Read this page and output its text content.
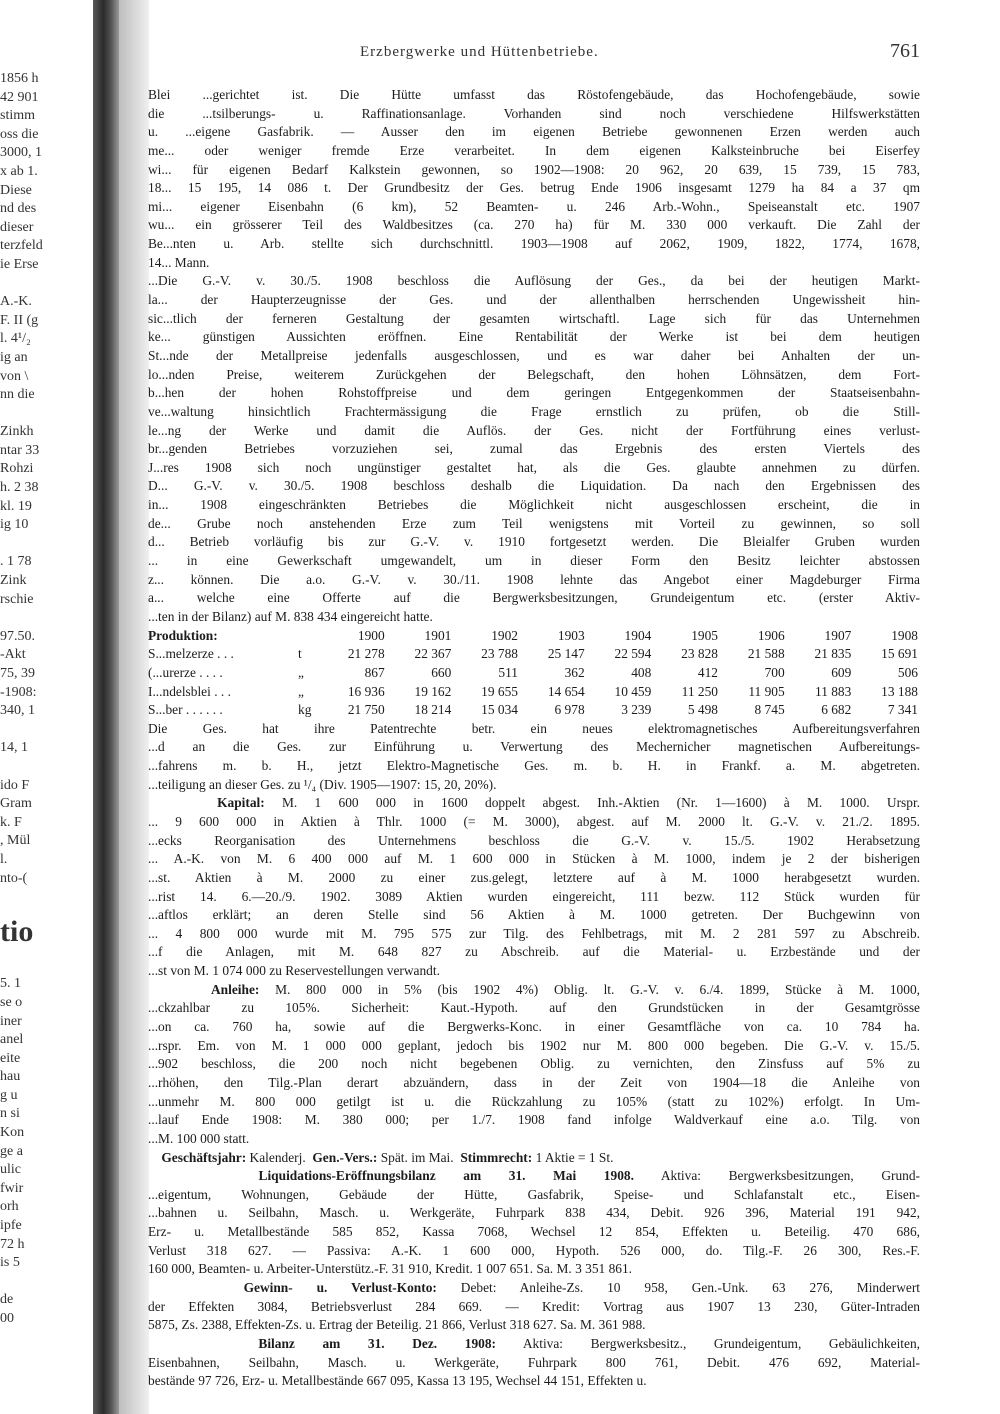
1856 h
42 901
stimm
oss die
3000, 1
x ab 1.
Diese
nd des
dieser
terzfeld
ie Erse
A.-K.
F. II (g
l. 4¹/₂
ig an
von \
nn die
Zinkh
ntar 33
Rohzi
h. 2 38
kl. 19
ig 10
. 1 78
Zink
rschie
97.50.
-Akt
75, 39
-1908:
340, 1
14, 1
ido F
Gram
k. F
, Mül
l.
nto-(
tio
5. 1
se o
iner
anel
eite
hau
g u
n si
Kon
ge a
ulic
fwir
orh
ipfe
72 h
is 5
de
00
Erzbergwerke und Hüttenbetriebe.	761
Blei ...gerichtet ist. Die Hütte umfasst das Röstofengebäude, das Hochofengebäude, sowie
die ...tsilberungs- u. Raffinationsanlage. Vorhanden sind noch verschiedene Hilfswerkstätten
u. ...eigene Gasfabrik. — Ausser den im eigenen Betriebe gewonnenen Erzen werden auch
me... oder weniger fremde Erze verarbeitet. In dem eigenen Kalksteinbruche bei Eiserfey
wi... für eigenen Bedarf Kalkstein gewonnen, so 1902—1908: 20 962, 20 639, 15 739, 15 783,
18... 15 195, 14 086 t. Der Grundbesitz der Ges. betrug Ende 1906 insgesamt 1279 ha 84 a 37 qm
mi... eigener Eisenbahn (6 km), 52 Beamten- u. 246 Arb.-Wohn., Speiseanstalt etc. 1907
wu... ein grösserer Teil des Waldbesitzes (ca. 270 ha) für M. 330 000 verkauft. Die Zahl der
Be...nten u. Arb. stellte sich durchschnittl. 1903—1908 auf 2062, 1909, 1822, 1774, 1678,
14... Mann.
...Die G.-V. v. 30./5. 1908 beschloss die Auflösung der Ges., da bei der heutigen Markt-
la... der Haupterzeugnisse der Ges. und der allenthalben herrschenden Ungewissheit hin-
sic...tlich der ferneren Gestaltung der gesamten wirtschaftl. Lage sich für das Unternehmen
ke... günstigen Aussichten eröffnen. Eine Rentabilität der Werke ist bei dem heutigen
St...nde der Metallpreise jedenfalls ausgeschlossen, und es war daher bei Anhalten der un-
lo...nden Preise, weiterem Zurückgehen der Belegschaft, den hohen Löhnsätzen, dem Fort-
b...hen der hohen Rohstoffpreise und dem geringen Entgegenkommen der Staatseisenbahn-
ve...waltung hinsichtlich Frachtermässigung die Frage ernstlich zu prüfen, ob die Still-
le...ng der Werke und damit die Auflös. der Ges. nicht der Fortführung eines verlust-
br...genden Betriebes vorzuziehen sei, zumal das Ergebnis des ersten Viertels des
J...res 1908 sich noch ungünstiger gestaltet hat, als die Ges. glaubte annehmen zu dürfen.
D... G.-V. v. 30./5. 1908 beschloss deshalb die Liquidation. Da nach den Ergebnissen des
in... 1908 eingeschränkten Betriebes die Möglichkeit nicht ausgeschlossen erscheint, die in
de... Grube noch anstehenden Erze zum Teil wenigstens mit Vorteil zu gewinnen, so soll
d... Betrieb vorläufig bis zur G.-V. v. 1910 fortgesetzt werden. Die Bleialfer Gruben wurden
... in eine Gewerkschaft umgewandelt, um in dieser Form den Besitz leichter abstossen
z... können. Die a.o. G.-V. v. 30./11. 1908 lehnte das Angebot einer Magdeburger Firma
a... welche eine Offerte auf die Bergwerksbesitzungen, Grundeigentum etc. (erster Aktiv-
...ten in der Bilanz) auf M. 838 434 eingereicht hatte.
Produktion:	1900	1901	1902	1903	1904	1905	1906	1907	1908
S...melzerze . . .	t	21 278	22 367	23 788	25 147	22 594	23 828	21 588	21 835	15 691
(...urerze . . . .	„	867	660	511	362	408	412	700	609	506
I...ndelsblei . . .	„	16 936	19 162	19 655	14 654	10 459	11 250	11 905	11 883	13 188
S...ber . . . . . .	kg	21 750	18 214	15 034	6 978	3 239	5 498	8 745	6 682	7 341
Die Ges. hat ihre Patentrechte betr. ein neues elektromagnetisches Aufbereitungsverfahren
...d an die Ges. zur Einführung u. Verwertung des Mechernicher magnetischen Aufbereitungs-
...fahrens m. b. H., jetzt Elektro-Magnetische Ges. m. b. H. in Frankf. a. M. abgetreten.
...teiligung an dieser Ges. zu ¹/₄ (Div. 1905—1907: 15, 20, 20%).
Kapital: M. 1 600 000 in 1600 doppelt abgest. Inh.-Aktien (Nr. 1—1600) à M. 1000. Urspr.
... 9 600 000 in Aktien à Thlr. 1000 (= M. 3000), abgest. auf M. 2000 lt. G.-V. v. 21./2. 1895.
...ecks Reorganisation des Unternehmens beschloss die G.-V. v. 15./5. 1902 Herabsetzung
... A.-K. von M. 6 400 000 auf M. 1 600 000 in Stücken à M. 1000, indem je 2 der bisherigen
...st. Aktien à M. 2000 zu einer zus.gelegt, letztere auf à M. 1000 herabgesetzt wurden.
...rist 14. 6.—20./9. 1902. 3089 Aktien wurden eingereicht, 111 bezw. 112 Stück wurden für
...aftlos erklärt; an deren Stelle sind 56 Aktien à M. 1000 getreten. Der Buchgewinn von
... 4 800 000 wurde mit M. 795 575 zur Tilg. des Fehlbetrags, mit M. 2 281 597 zu Abschreib.
...f die Anlagen, mit M. 648 827 zu Abschreib. auf die Material- u. Erzbestände und der
...st von M. 1 074 000 zu Reservestellungen verwandt.
Anleihe: M. 800 000 in 5% (bis 1902 4%) Oblig. lt. G.-V. v. 6./4. 1899, Stücke à M. 1000,
...ckzahlbar zu 105%. Sicherheit: Kaut.-Hypoth. auf den Grundstücken in der Gesamtgrösse
...on ca. 760 ha, sowie auf die Bergwerks-Konc. in einer Gesamtfläche von ca. 10 784 ha.
...rspr. Em. von M. 1 000 000 geplant, jedoch bis 1902 nur M. 800 000 begeben. Die G.-V. v. 15./5.
...902 beschloss, die 200 noch nicht begebenen Oblig. zu vernichten, den Zinsfuss auf 5% zu
...rhöhen, den Tilg.-Plan derart abzuändern, dass in der Zeit von 1904—18 die Anleihe von
...unmehr M. 800 000 getilgt ist u. die Rückzahlung zu 105% (statt zu 102%) erfolgt. In Um-
...lauf Ende 1908: M. 380 000; per 1./7. 1908 fand infolge Waldverkauf eine a.o. Tilg. von
...M. 100 000 statt.
Geschäftsjahr: Kalenderj. Gen.-Vers.: Spät. im Mai. Stimmrecht: 1 Aktie = 1 St.
Liquidations-Eröffnungsbilanz am 31. Mai 1908. Aktiva: Bergwerksbesitzungen, Grund-
...eigentum, Wohnungen, Gebäude der Hütte, Gasfabrik, Speise- und Schlafanstalt etc., Eisen-
...bahnen u. Seilbahn, Masch. u. Werkgeräte, Fuhrpark 838 434, Debit. 926 396, Material 191 942,
Erz- u. Metallbestände 585 852, Kassa 7068, Wechsel 12 854, Effekten u. Beteilig. 470 686,
Verlust 318 627. — Passiva: A.-K. 1 600 000, Hypoth. 526 000, do. Tilg.-F. 26 300, Res.-F.
160 000, Beamten- u. Arbeiter-Unterstütz.-F. 31 910, Kredit. 1 007 651. Sa. M. 3 351 861.
Gewinn- u. Verlust-Konto: Debet: Anleihe-Zs. 10 958, Gen.-Unk. 63 276, Minderwert
der Effekten 3084, Betriebsverlust 284 669. — Kredit: Vortrag aus 1907 13 230, Güter-Intraden
5875, Zs. 2388, Effekten-Zs. u. Ertrag der Beteilig. 21 866, Verlust 318 627. Sa. M. 361 988.
Bilanz am 31. Dez. 1908: Aktiva: Bergwerksbesitz., Grundeigentum, Gebäulichkeiten,
Eisenbahnen, Seilbahn, Masch. u. Werkgeräte, Fuhrpark 800 761, Debit. 476 692, Material-
bestände 97 726, Erz- u. Metallbestände 667 095, Kassa 13 195, Wechsel 44 151, Effekten u.
